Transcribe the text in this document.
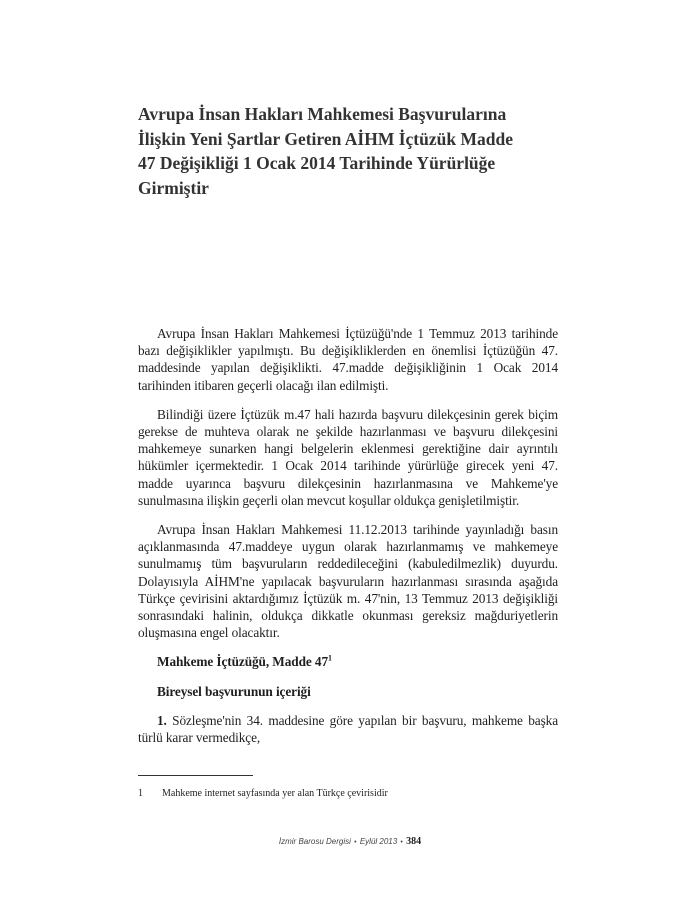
Avrupa İnsan Hakları Mahkemesi Başvurularına
İlişkin Yeni Şartlar Getiren AİHM İçtüzük Madde
47 Değişikliği 1 Ocak 2014 Tarihinde Yürürlüğe
Girmiştir

Avrupa İnsan Hakları Mahkemesi İçtüzüğü'nde 1 Temmuz 2013 tarihinde bazı değişiklikler yapılmıştı. Bu değişikliklerden en önemlisi İçtüzüğün 47. maddesinde yapılan değişiklikti. 47.madde değişikliğinin 1 Ocak 2014 tarihinden itibaren geçerli olacağı ilan edilmişti.

Bilindiği üzere İçtüzük m.47 hali hazırda başvuru dilekçesinin gerek biçim gerekse de muhteva olarak ne şekilde hazırlanması ve başvuru dilekçesini mahkemeye sunarken hangi belgelerin eklenmesi gerektiğine dair ayrıntılı hükümler içermektedir. 1 Ocak 2014 tarihinde yürürlüğe girecek yeni 47. madde uyarınca başvuru dilekçesinin hazırlanmasına ve Mahkeme'ye sunulmasına ilişkin geçerli olan mevcut koşullar oldukça genişletilmiştir.

Avrupa İnsan Hakları Mahkemesi 11.12.2013 tarihinde yayınladığı basın açıklanmasında 47.maddeye uygun olarak hazırlanmamış ve mahkemeye sunulmamış tüm başvuruların reddedileceğini (kabuledilmezlik) duyurdu. Dolayısıyla AİHM'ne yapılacak başvuruların hazırlanması sırasında aşağıda Türkçe çevirisini aktardığımız İçtüzük m. 47'nin, 13 Temmuz 2013 değişikliği sonrasındaki halinin, oldukça dikkatle okunması gereksiz mağduriyetlerin oluşmasına engel olacaktır.

Mahkeme İçtüzüğü, Madde $47^1$

Bireysel başvurunun içeriği

1. Sözleşme'nin 34. maddesine göre yapılan bir başvuru, mahkeme başka türlü karar vermedikçe,

1 Mahkeme internet sayfasında yer alan Türkçe çevirisidir
İzmir Barosu Dergisi • Eylül 2013 • 384
